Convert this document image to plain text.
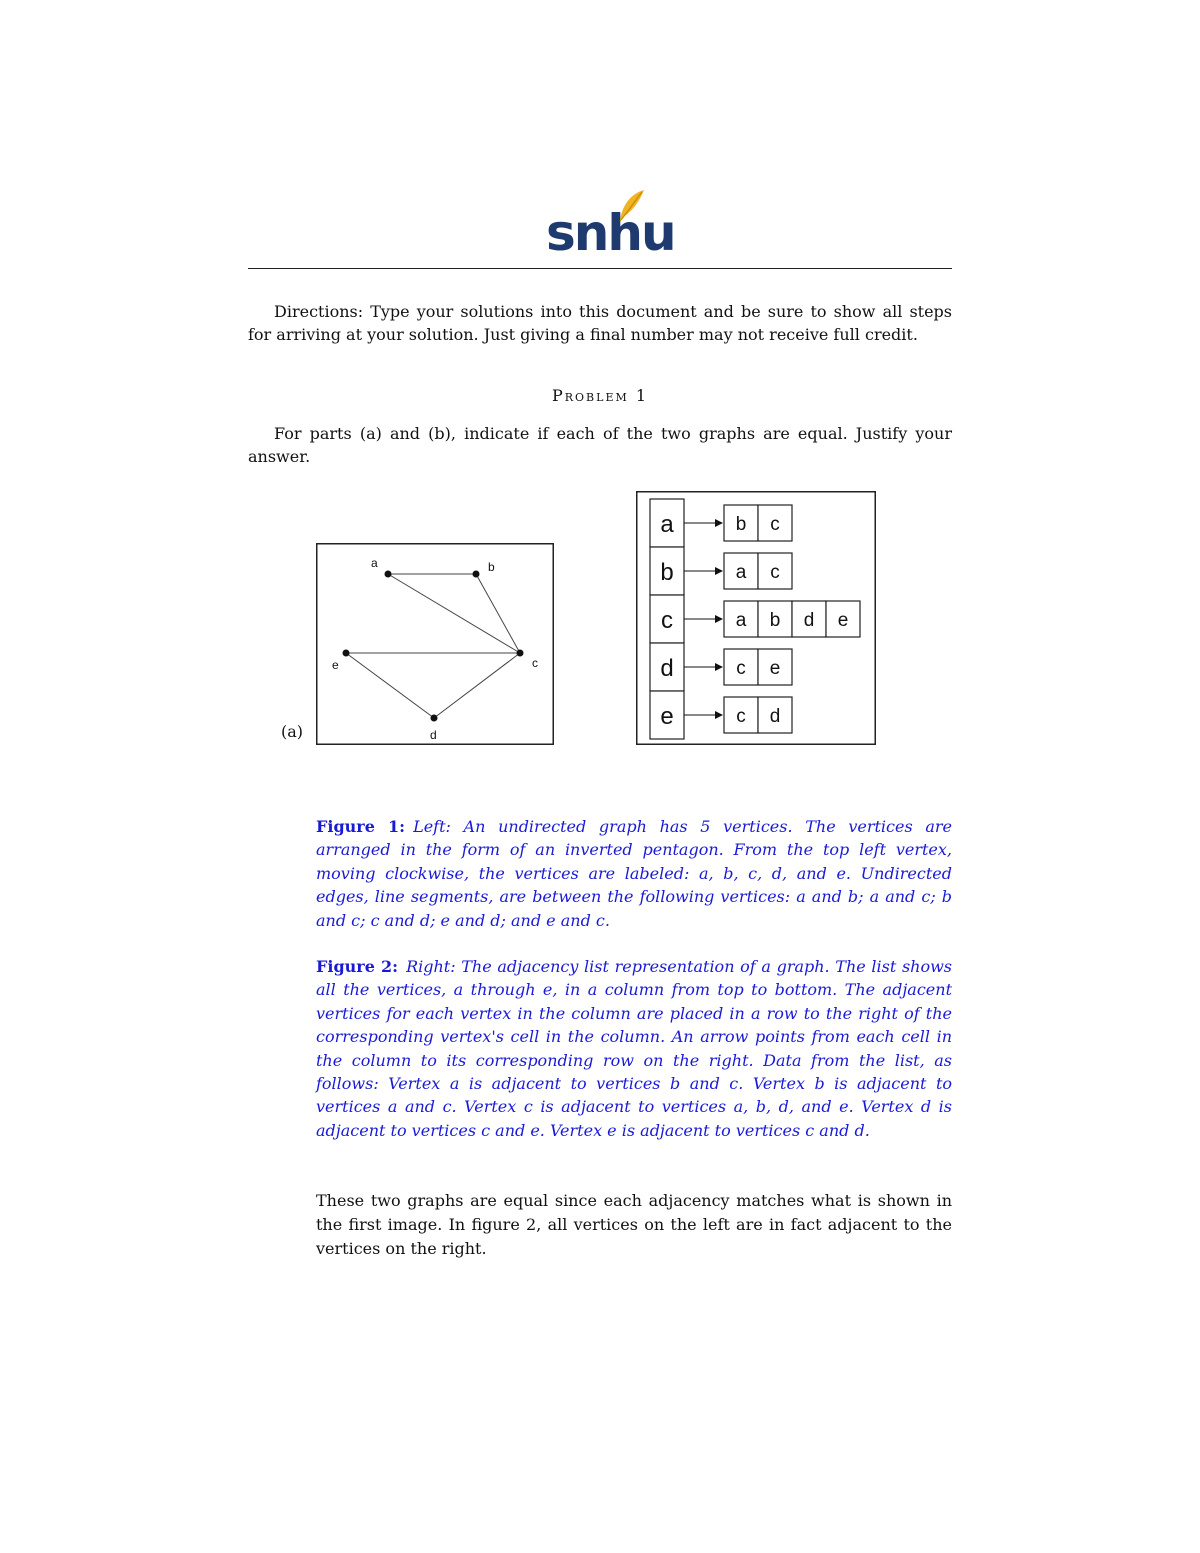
snhu
Directions: Type your solutions into this document and be sure to show all steps for arriving at your solution. Just giving a final number may not receive full credit.
Problem 1
For parts (a) and (b), indicate if each of the two graphs are equal. Justify your answer.
(a)
a	b
c
d
e
a	b c
b	a c
c	a b d e
d	c e
e	c d
Figure 1: Left: An undirected graph has 5 vertices. The vertices are arranged in the form of an inverted pentagon. From the top left vertex, moving clockwise, the vertices are labeled: a, b, c, d, and e. Undirected edges, line segments, are between the following vertices: a and b; a and c; b and c; c and d; e and d; and e and c.
Figure 2: Right: The adjacency list representation of a graph. The list shows all the vertices, a through e, in a column from top to bottom. The adjacent vertices for each vertex in the column are placed in a row to the right of the corresponding vertex's cell in the column. An arrow points from each cell in the column to its corresponding row on the right. Data from the list, as follows: Vertex a is adjacent to vertices b and c. Vertex b is adjacent to vertices a and c. Vertex c is adjacent to vertices a, b, d, and e. Vertex d is adjacent to vertices c and e. Vertex e is adjacent to vertices c and d.
These two graphs are equal since each adjacency matches what is shown in the first image. In figure 2, all vertices on the left are in fact adjacent to the vertices on the right.
